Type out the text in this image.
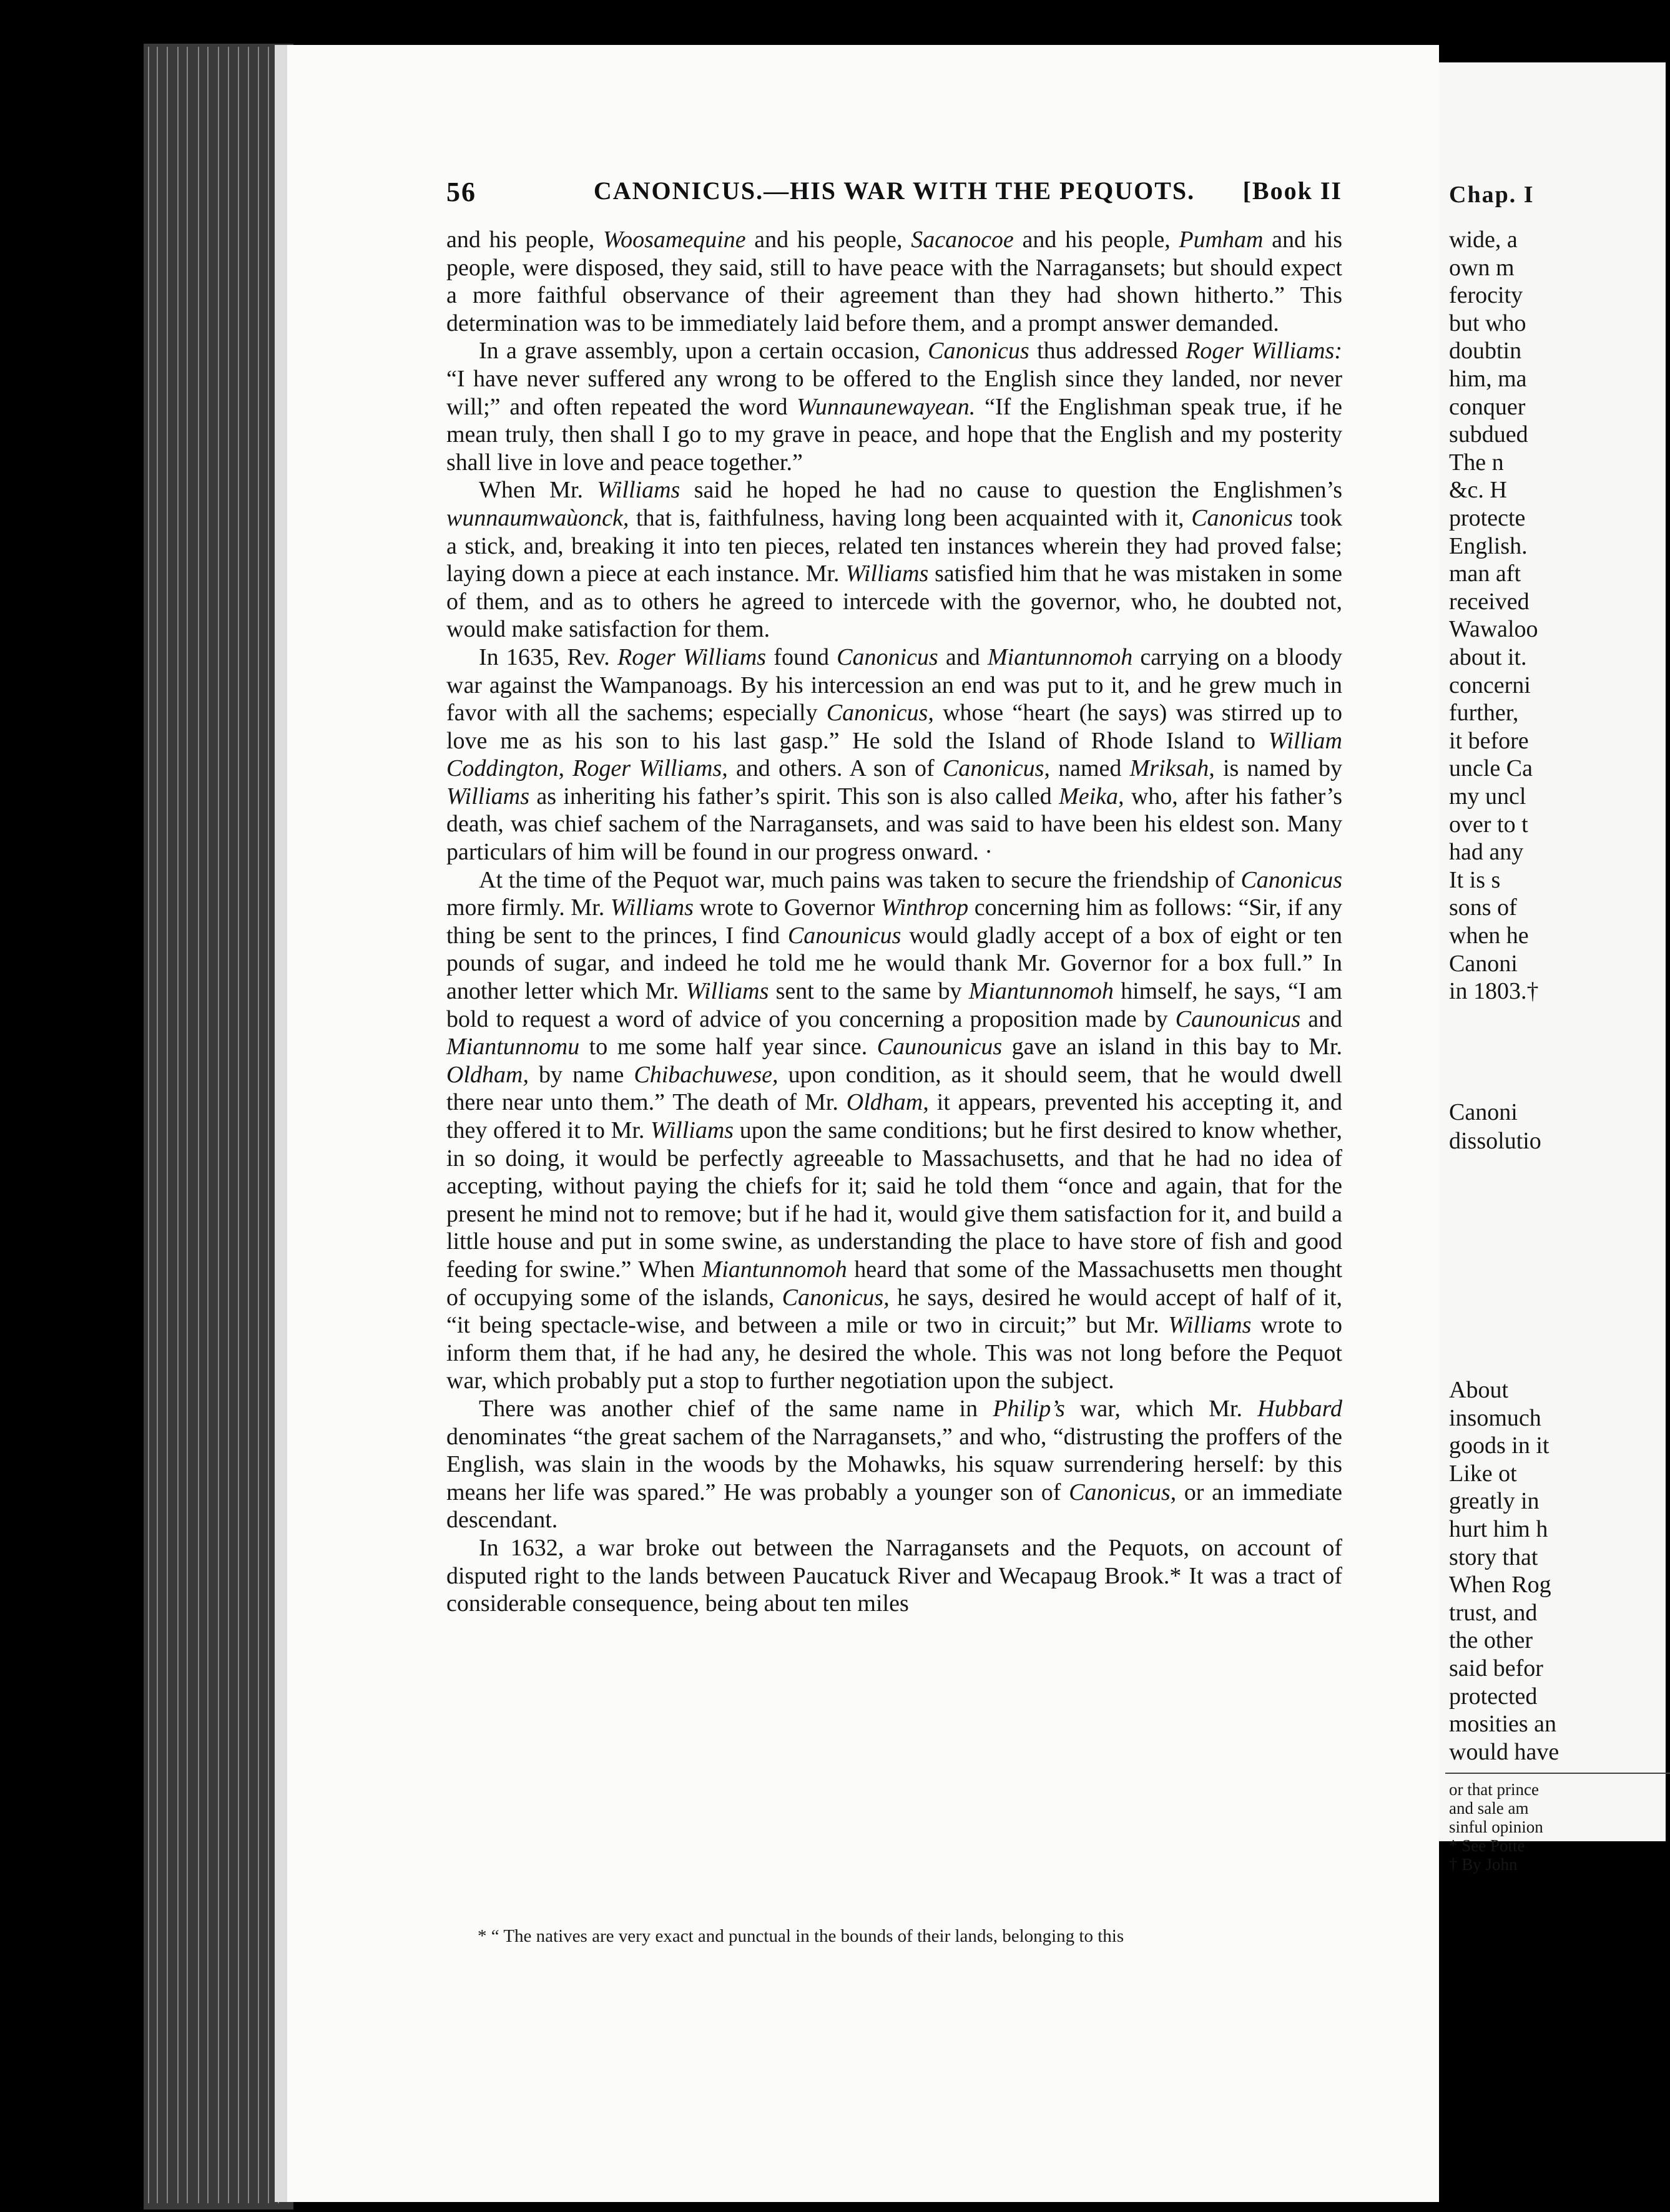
56	CANONICUS.—HIS WAR WITH THE PEQUOTS.	[Book II

and his people, Woosamequine and his people, Sacanocoe and his people, Pumham and his people, were disposed, they said, still to have peace with the Narragansets; but should expect a more faithful observance of their agreement than they had shown hitherto.” This determination was to be immediately laid before them, and a prompt answer demanded.

In a grave assembly, upon a certain occasion, Canonicus thus addressed Roger Williams: “I have never suffered any wrong to be offered to the English since they landed, nor never will;” and often repeated the word Wunnaunewayean. “If the Englishman speak true, if he mean truly, then shall I go to my grave in peace, and hope that the English and my posterity shall live in love and peace together.”

When Mr. Williams said he hoped he had no cause to question the Englishmen’s wunnaumwaùonck, that is, faithfulness, having long been acquainted with it, Canonicus took a stick, and, breaking it into ten pieces, related ten instances wherein they had proved false; laying down a piece at each instance. Mr. Williams satisfied him that he was mistaken in some of them, and as to others he agreed to intercede with the governor, who, he doubted not, would make satisfaction for them.

In 1635, Rev. Roger Williams found Canonicus and Miantunnomoh carrying on a bloody war against the Wampanoags. By his intercession an end was put to it, and he grew much in favor with all the sachems; especially Canonicus, whose “heart (he says) was stirred up to love me as his son to his last gasp.” He sold the Island of Rhode Island to William Coddington, Roger Williams, and others. A son of Canonicus, named Mriksah, is named by Williams as inheriting his father’s spirit. This son is also called Meika, who, after his father’s death, was chief sachem of the Narragansets, and was said to have been his eldest son. Many particulars of him will be found in our progress onward. ·

At the time of the Pequot war, much pains was taken to secure the friendship of Canonicus more firmly. Mr. Williams wrote to Governor Winthrop concerning him as follows: “Sir, if any thing be sent to the princes, I find Canounicus would gladly accept of a box of eight or ten pounds of sugar, and indeed he told me he would thank Mr. Governor for a box full.” In another letter which Mr. Williams sent to the same by Miantunnomoh himself, he says, “I am bold to request a word of advice of you concerning a proposition made by Caunounicus and Miantunnomu to me some half year since. Caunounicus gave an island in this bay to Mr. Oldham, by name Chibachuwese, upon condition, as it should seem, that he would dwell there near unto them.” The death of Mr. Oldham, it appears, prevented his accepting it, and they offered it to Mr. Williams upon the same conditions; but he first desired to know whether, in so doing, it would be perfectly agreeable to Massachusetts, and that he had no idea of accepting, without paying the chiefs for it; said he told them “once and again, that for the present he mind not to remove; but if he had it, would give them satisfaction for it, and build a little house and put in some swine, as understanding the place to have store of fish and good feeding for swine.” When Miantunnomoh heard that some of the Massachusetts men thought of occupying some of the islands, Canonicus, he says, desired he would accept of half of it, “it being spectacle-wise, and between a mile or two in circuit;” but Mr. Williams wrote to inform them that, if he had any, he desired the whole. This was not long before the Pequot war, which probably put a stop to further negotiation upon the subject.

There was another chief of the same name in Philip’s war, which Mr. Hubbard denominates “the great sachem of the Narragansets,” and who, “distrusting the proffers of the English, was slain in the woods by the Mohawks, his squaw surrendering herself: by this means her life was spared.” He was probably a younger son of Canonicus, or an immediate descendant.

In 1632, a war broke out between the Narragansets and the Pequots, on account of disputed right to the lands between Paucatuck River and Wecapaug Brook.* It was a tract of considerable consequence, being about ten miles

* “ The natives are very exact and punctual in the bounds of their lands, belonging to this
Chap. I
wide, a
own m
ferocity
but who
doubtin
him, ma
conquer
subdued
The n
&c. H
protecte
English.
man aft
received
Wawaloo
about it.
concerni
further,
it before
uncle Ca
my uncl
over to t
had any
It is s
sons of
when he
Canoni
in 1803.†
Canoni
dissolutio
About
insomuch
goods in it
Like ot
greatly in
hurt him h
story that
When Rog
trust, and
the other
said befor
protected
mosities an
would have
or that prince
and sale am
sinful opinion
* See Potte
† By John
